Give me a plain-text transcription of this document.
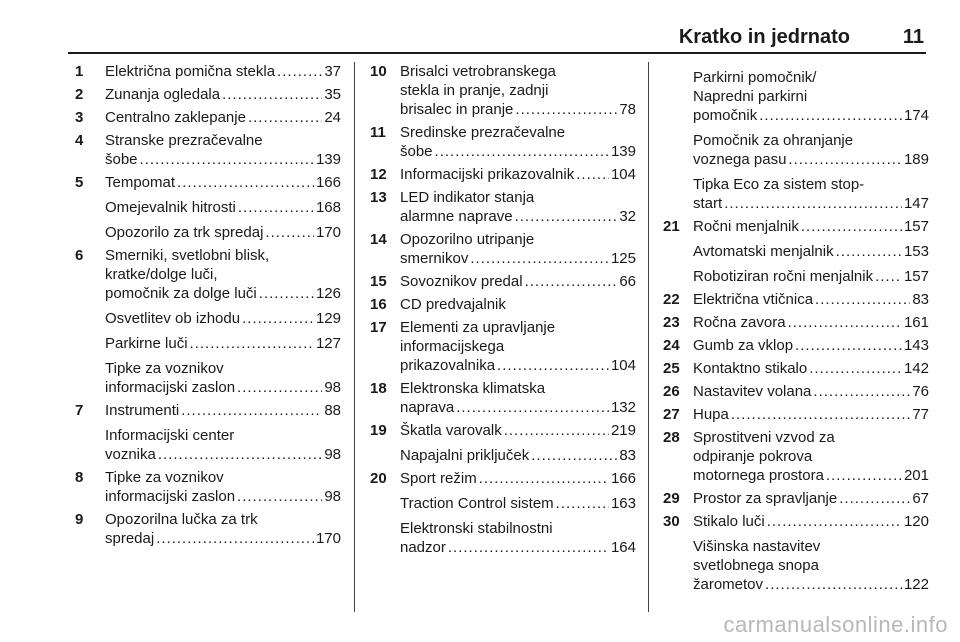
Kratko in jedrnato	11
1 Električna pomična stekla .....	37
2 Zunanja ogledala .....	35
3 Centralno zaklepanje .....	24
4 Stranske prezračevalne
šobe .....	139
5 Tempomat .....	166
Omejevalnik hitrosti .....	168
Opozorilo za trk spredaj .....	170
6 Smerniki, svetlobni blisk,
kratke/dolge luči,
pomočnik za dolge luči .....	126
Osvetlitev ob izhodu .....	129
Parkirne luči .....	127
Tipke za voznikov
informacijski zaslon .....	98
7 Instrumenti .....	88
Informacijski center
voznika .....	98
8 Tipke za voznikov
informacijski zaslon .....	98
9 Opozorilna lučka za trk
spredaj .....	170
10 Brisalci vetrobranskega
stekla in pranje, zadnji
brisalec in pranje .....	78
11 Sredinske prezračevalne
šobe .....	139
12 Informacijski prikazovalnik ..... 104
13 LED indikator stanja
alarmne naprave .....	32
14 Opozorilno utripanje
smernikov .....	125
15 Sovoznikov predal .....	66
16 CD predvajalnik
17 Elementi za upravljanje
informacijskega
prikazovalnika .....	104
18 Elektronska klimatska
naprava .....	132
19 Škatla varovalk .....	219
Napajalni priključek .....	83
20 Sport režim .....	166
Traction Control sistem .....	163
Elektronski stabilnostni
nadzor .....	164
Parkirni pomočnik/
Napredni parkirni
pomočnik .....	174
Pomočnik za ohranjanje
voznega pasu .....	189
Tipka Eco za sistem stop-
start .....	147
21 Ročni menjalnik .....	157
Avtomatski menjalnik .....	153
Robotiziran ročni menjalnik ..... 157
22 Električna vtičnica .....	83
23 Ročna zavora .....	161
24 Gumb za vklop .....	143
25 Kontaktno stikalo .....	142
26 Nastavitev volana .....	76
27 Hupa .....	77
28 Sprostitveni vzvod za
odpiranje pokrova
motornega prostora .....	201
29 Prostor za spravljanje .....	67
30 Stikalo luči .....	120
Višinska nastavitev
svetlobnega snopa
žarometov .....	122
carmanualsonline.info
